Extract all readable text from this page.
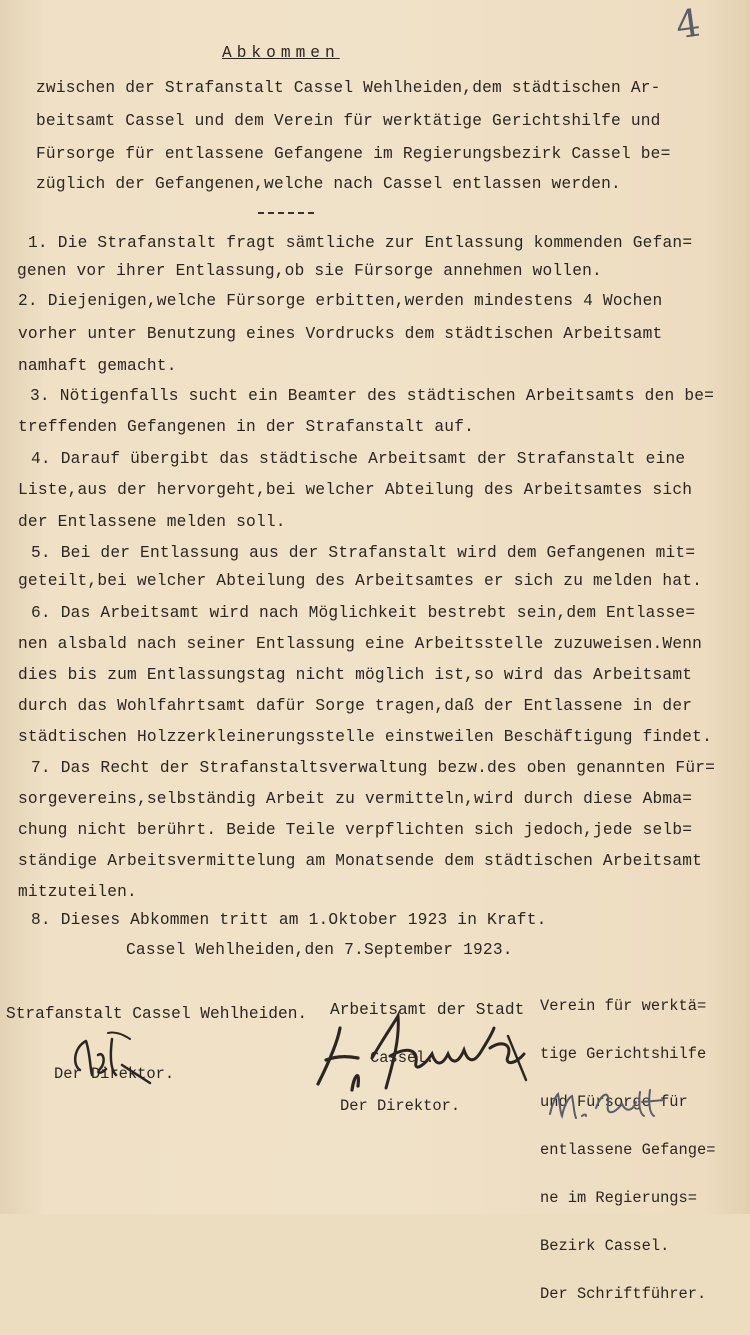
4
Abkommen
zwischen der Strafanstalt Cassel Wehlheiden,dem städtischen Ar-
beitsamt Cassel und dem Verein für werktätige Gerichtshilfe und
Fürsorge für entlassene Gefangene im Regierungsbezirk Cassel be=
züglich der Gefangenen,welche nach Cassel entlassen werden.
1. Die Strafanstalt fragt sämtliche zur Entlassung kommenden Gefan=
genen vor ihrer Entlassung,ob sie Fürsorge annehmen wollen.
2. Diejenigen,welche Fürsorge erbitten,werden mindestens 4 Wochen
vorher unter Benutzung eines Vordrucks dem städtischen Arbeitsamt
namhaft gemacht.
3. Nötigenfalls sucht ein Beamter des städtischen Arbeitsamts den be=
treffenden Gefangenen in der Strafanstalt auf.
4. Darauf übergibt das städtische Arbeitsamt der Strafanstalt eine
Liste,aus der hervorgeht,bei welcher Abteilung des Arbeitsamtes sich
der Entlassene melden soll.
5. Bei der Entlassung aus der Strafanstalt wird dem Gefangenen mit=
geteilt,bei welcher Abteilung des Arbeitsamtes er sich zu melden hat.
6. Das Arbeitsamt wird nach Möglichkeit bestrebt sein,dem Entlasse=
nen alsbald nach seiner Entlassung eine Arbeitsstelle zuzuweisen.Wenn
dies bis zum Entlassungstag nicht möglich ist,so wird das Arbeitsamt
durch das Wohlfahrtsamt dafür Sorge tragen,daß der Entlassene in der
städtischen Holzzerkleinerungsstelle einstweilen Beschäftigung findet.
7. Das Recht der Strafanstaltsverwaltung bezw.des oben genannten Für=
sorgevereins,selbständig Arbeit zu vermitteln,wird durch diese Abma=
chung nicht berührt. Beide Teile verpflichten sich jedoch,jede selb=
ständige Arbeitsvermittelung am Monatsende dem städtischen Arbeitsamt
mitzuteilen.
8. Dieses Abkommen tritt am 1.Oktober 1923 in Kraft.
Cassel Wehlheiden,den 7.September 1923.

Strafanstalt Cassel Wehlheiden.

Der Direktor.

Arbeitsamt der Stadt

Cassel.

Der Direktor.

Verein für werktä=

tige Gerichtshilfe

und Fürsorge für

entlassene Gefange=

ne im Regierungs=

Bezirk Cassel.

Der Schriftführer.
